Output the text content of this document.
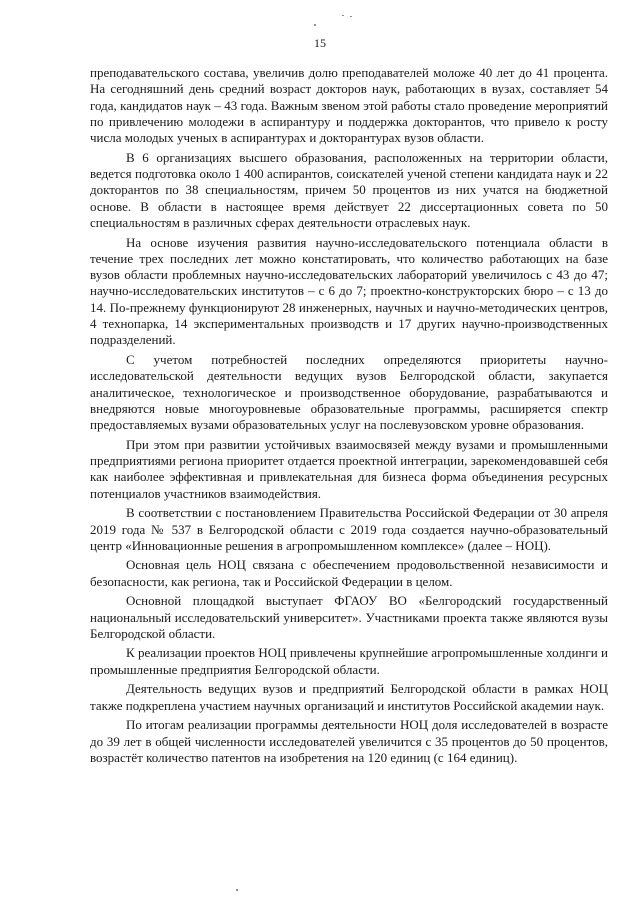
15

преподавательского состава, увеличив долю преподавателей моложе 40 лет до 41 процента. На сегодняшний день средний возраст докторов наук, работающих в вузах, составляет 54 года, кандидатов наук – 43 года. Важным звеном этой работы стало проведение мероприятий по привлечению молодежи в аспирантуру и поддержка докторантов, что привело к росту числа молодых ученых в аспирантурах и докторантурах вузов области.

В 6 организациях высшего образования, расположенных на территории области, ведется подготовка около 1 400 аспирантов, соискателей ученой степени кандидата наук и 22 докторантов по 38 специальностям, причем 50 процентов из них учатся на бюджетной основе. В области в настоящее время действует 22 диссертационных совета по 50 специальностям в различных сферах деятельности отраслевых наук.

На основе изучения развития научно-исследовательского потенциала области в течение трех последних лет можно констатировать, что количество работающих на базе вузов области проблемных научно-исследовательских лабораторий увеличилось с 43 до 47; научно-исследовательских институтов – с 6 до 7; проектно-конструкторских бюро – с 13 до 14. По-прежнему функционируют 28 инженерных, научных и научно-методических центров, 4 технопарка, 14 экспериментальных производств и 17 других научно-производственных подразделений.

С учетом потребностей последних определяются приоритеты научно-исследовательской деятельности ведущих вузов Белгородской области, закупается аналитическое, технологическое и производственное оборудование, разрабатываются и внедряются новые многоуровневые образовательные программы, расширяется спектр предоставляемых вузами образовательных услуг на послевузовском уровне образования.

При этом при развитии устойчивых взаимосвязей между вузами и промышленными предприятиями региона приоритет отдается проектной интеграции, зарекомендовавшей себя как наиболее эффективная и привлекательная для бизнеса форма объединения ресурсных потенциалов участников взаимодействия.

В соответствии с постановлением Правительства Российской Федерации от 30 апреля 2019 года № 537 в Белгородской области с 2019 года создается научно-образовательный центр «Инновационные решения в агропромышленном комплексе» (далее – НОЦ).

Основная цель НОЦ связана с обеспечением продовольственной независимости и безопасности, как региона, так и Российской Федерации в целом.

Основной площадкой выступает ФГАОУ ВО «Белгородский государственный национальный исследовательский университет». Участниками проекта также являются вузы Белгородской области.

К реализации проектов НОЦ привлечены крупнейшие агропромышленные холдинги и промышленные предприятия Белгородской области.

Деятельность ведущих вузов и предприятий Белгородской области в рамках НОЦ также подкреплена участием научных организаций и институтов Российской академии наук.

По итогам реализации программы деятельности НОЦ доля исследователей в возрасте до 39 лет в общей численности исследователей увеличится с 35 процентов до 50 процентов, возрастёт количество патентов на изобретения на 120 единиц (с 164 единиц).
